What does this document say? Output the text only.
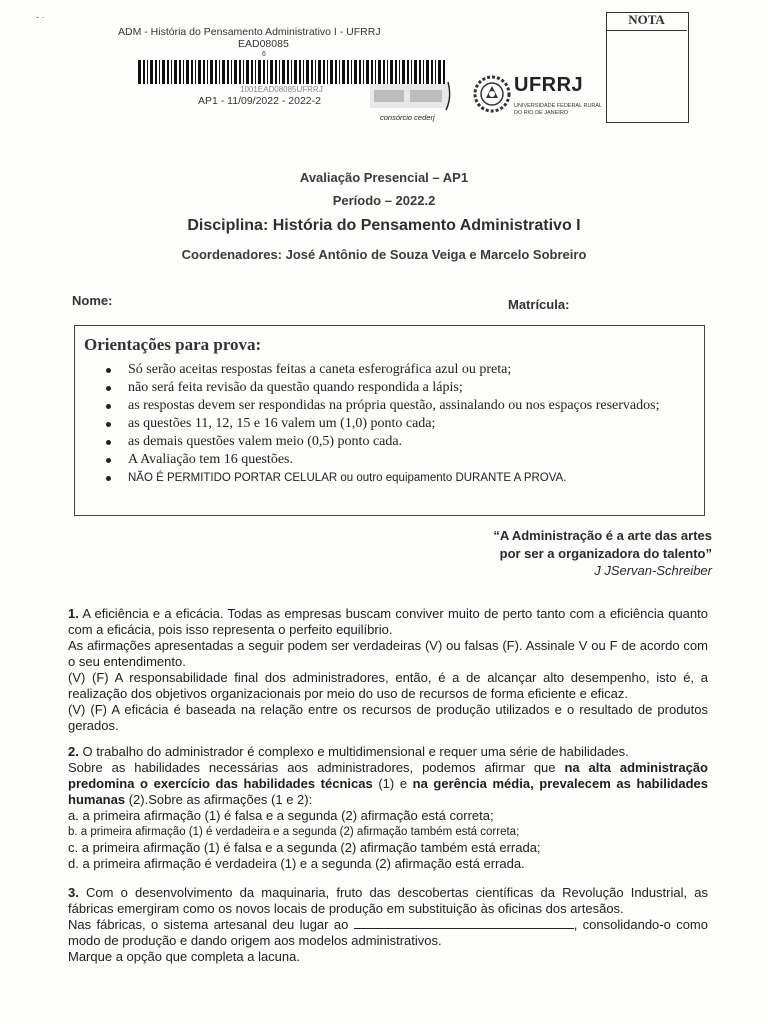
- ·
ADM - História do Pensamento Administrativo I - UFRRJ
EAD08085
6
1001EAD08085UFRRJ
AP1 - 11/09/2022 - 2022-2
consórcio cederj
UFRRJ
UNIVERSIDADE FEDERAL RURAL
DO RIO DE JANEIRO
NOTA
Avaliação Presencial – AP1
Período – 2022.2
Disciplina: História do Pensamento Administrativo I
Coordenadores: José Antônio de Souza Veiga e Marcelo Sobreiro
Nome:	Matrícula:
Orientações para prova:
Só serão aceitas respostas feitas a caneta esferográfica azul ou preta;
não será feita revisão da questão quando respondida a lápis;
as respostas devem ser respondidas na própria questão, assinalando ou nos espaços reservados;
as questões 11, 12, 15 e 16 valem um (1,0) ponto cada;
as demais questões valem meio (0,5) ponto cada.
A Avaliação tem 16 questões.
NÃO É PERMITIDO PORTAR CELULAR ou outro equipamento DURANTE A PROVA.
“A Administração é a arte das artes
por ser a organizadora do talento”
J JServan-Schreiber

1. A eficiência e a eficácia. Todas as empresas buscam conviver muito de perto tanto com a eficiência quanto com a eficácia, pois isso representa o perfeito equilíbrio.

As afirmações apresentadas a seguir podem ser verdadeiras (V) ou falsas (F). Assinale V ou F de acordo com o seu entendimento.

(V) (F) A responsabilidade final dos administradores, então, é a de alcançar alto desempenho, isto é, a realização dos objetivos organizacionais por meio do uso de recursos de forma eficiente e eficaz.

(V) (F) A eficácia é baseada na relação entre os recursos de produção utilizados e o resultado de produtos gerados.

2. O trabalho do administrador é complexo e multidimensional e requer uma série de habilidades.

Sobre as habilidades necessárias aos administradores, podemos afirmar que na alta administração predomina o exercício das habilidades técnicas (1) e na gerência média, prevalecem as habilidades humanas (2).Sobre as afirmações (1 e 2):

a. a primeira afirmação (1) é falsa e a segunda (2) afirmação está correta;

b. a primeira afirmação (1) é verdadeira e a segunda (2) afirmação também está correta;

c. a primeira afirmação (1) é falsa e a segunda (2) afirmação também está errada;

d. a primeira afirmação é verdadeira (1) e a segunda (2) afirmação está errada.

3. Com o desenvolvimento da maquinaria, fruto das descobertas científicas da Revolução Industrial, as fábricas emergiram como os novos locais de produção em substituição às oficinas dos artesãos.

Nas fábricas, o sistema artesanal deu lugar ao	, consolidando-o como modo de produção e dando origem aos modelos administrativos.

Marque a opção que completa a lacuna.
